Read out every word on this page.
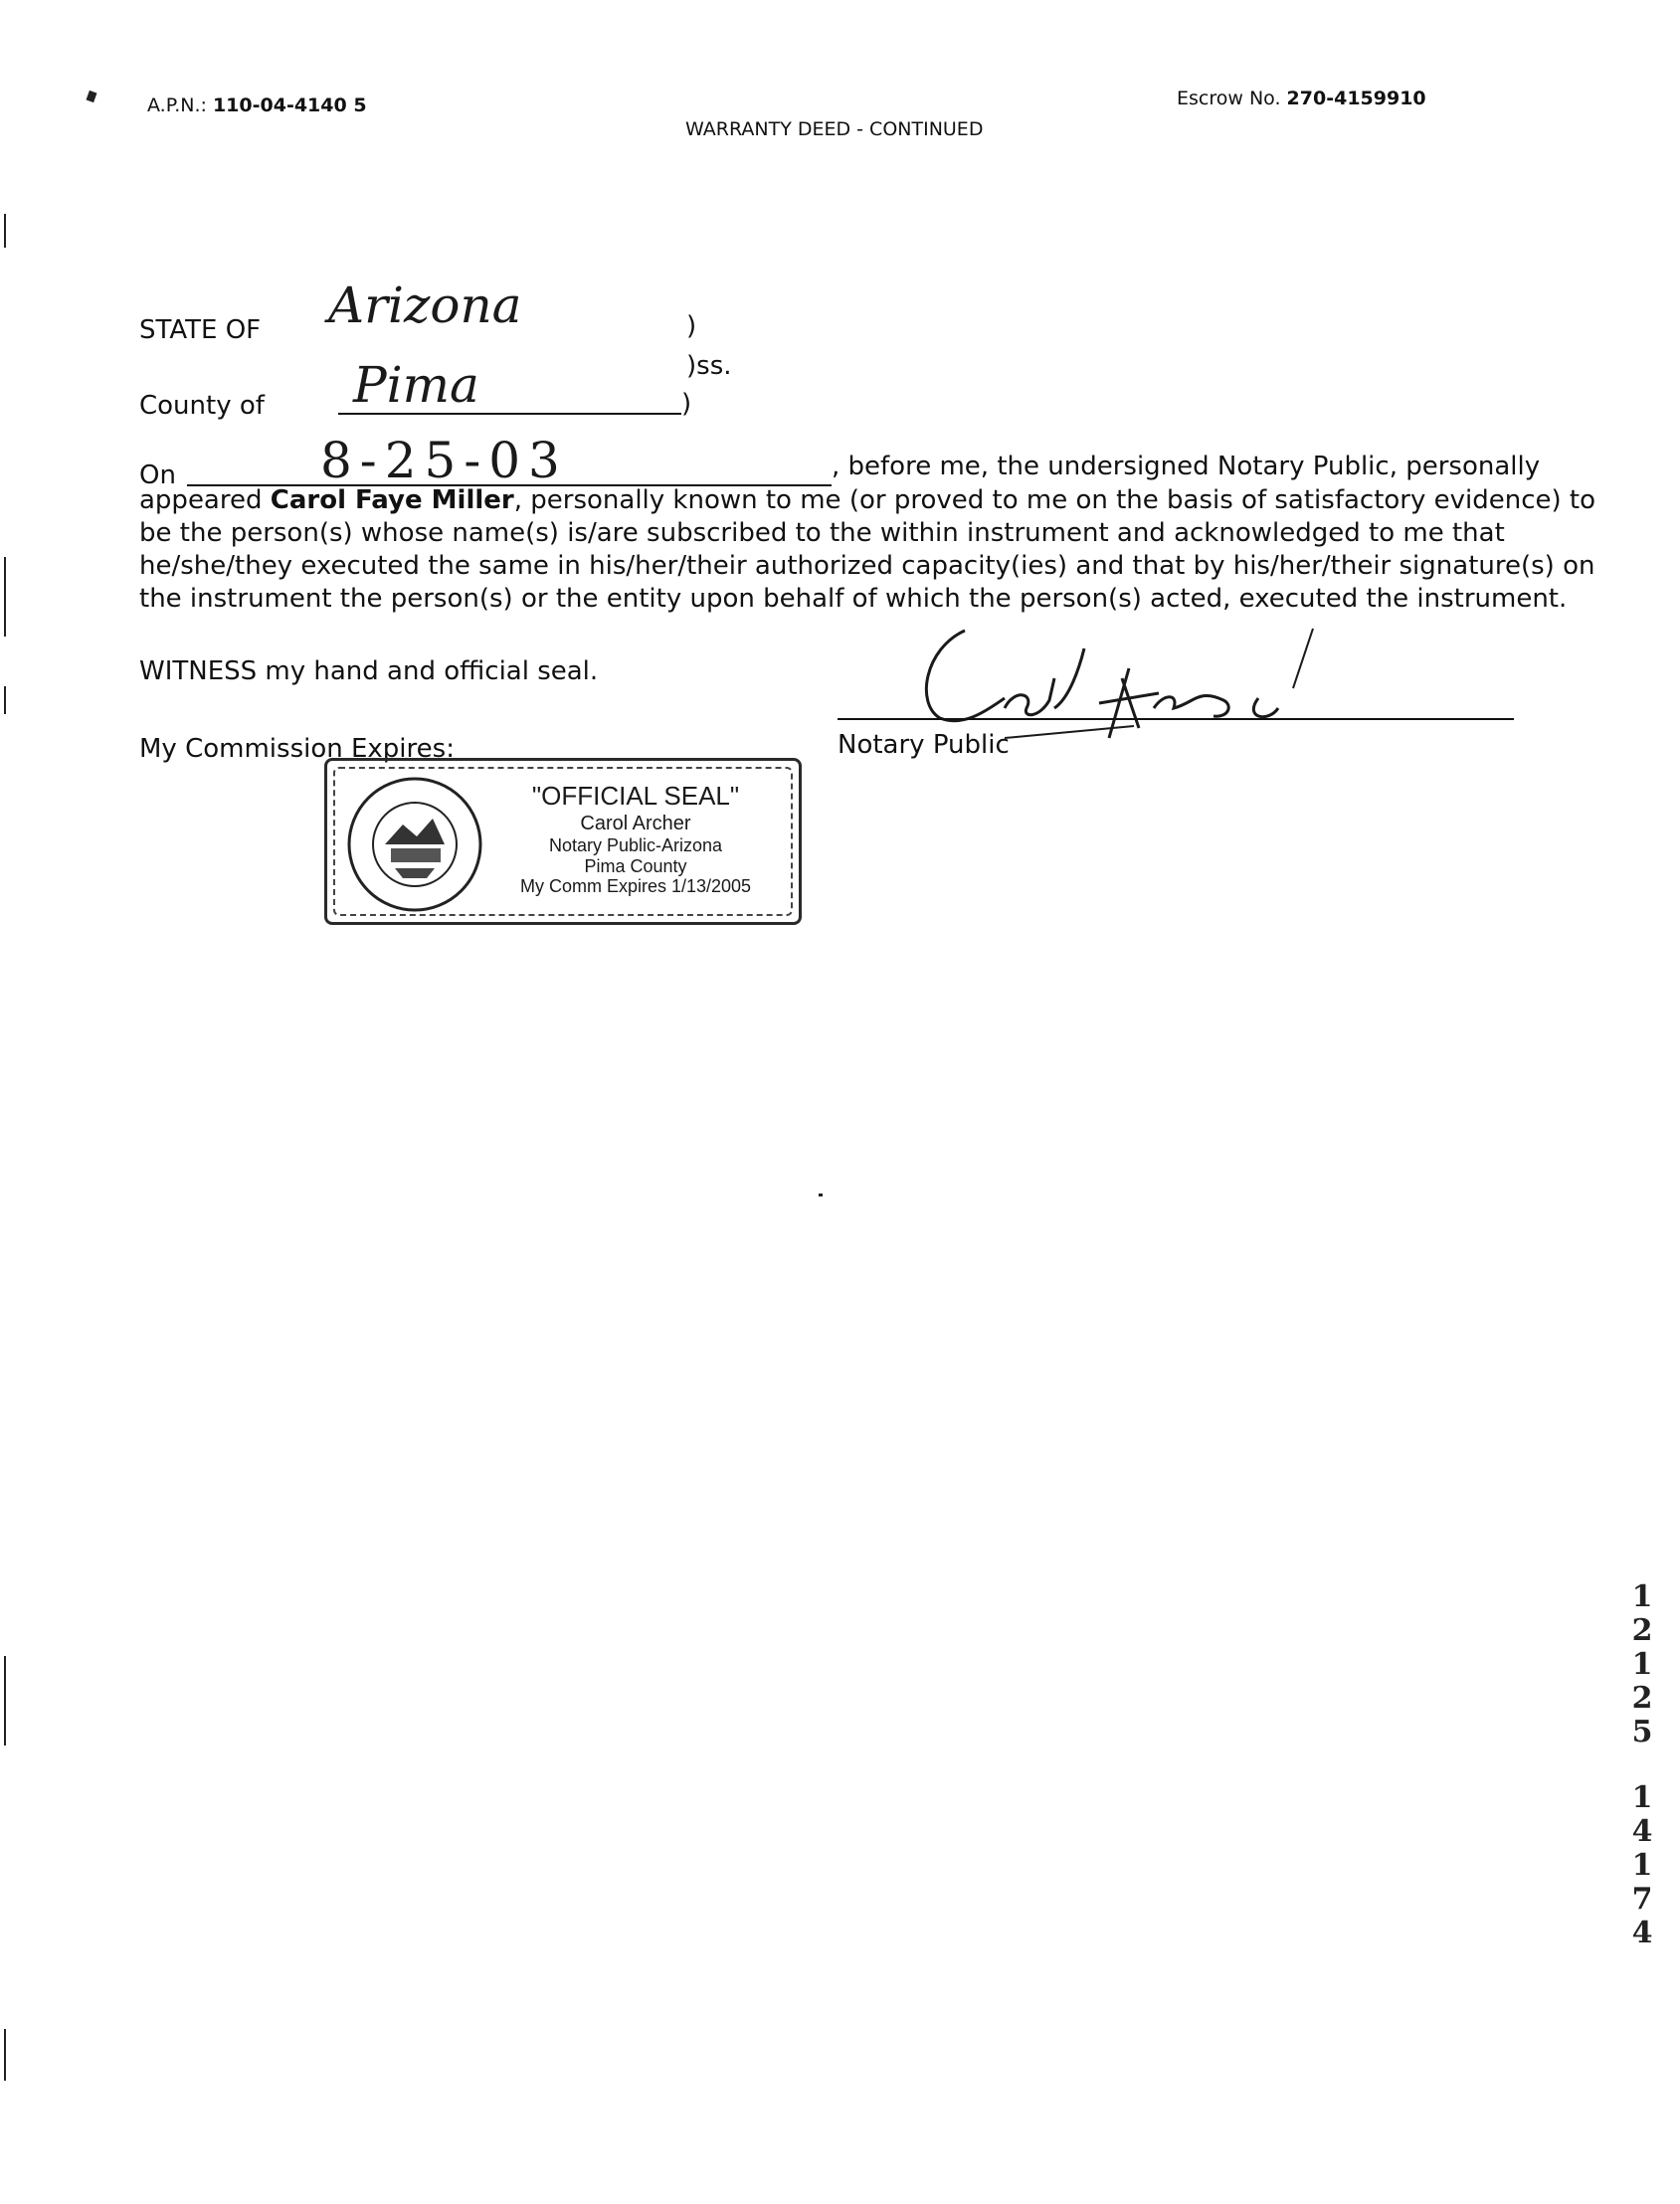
A.P.N.: 110-04-4140 5	Escrow No. 270-4159910
WARRANTY DEED - CONTINUED
STATE OF Arizona	)
)ss.
County of Pima	)
On	8-25-03	, before me, the undersigned Notary Public, personally
appeared Carol Faye Miller, personally known to me (or proved to me on the basis of satisfactory evidence) to
be the person(s) whose name(s) is/are subscribed to the within instrument and acknowledged to me that
he/she/they executed the same in his/her/their authorized capacity(ies) and that by his/her/their signature(s) on
the instrument the person(s) or the entity upon behalf of which the person(s) acted, executed the instrument.
WITNESS my hand and official seal.
My Commission Expires:	Notary Public
"OFFICIAL SEAL"
Carol Archer
Notary Public-Arizona
Pima County
My Comm Expires 1/13/2005
1
2
1
2
5
1
4
1
7
4
